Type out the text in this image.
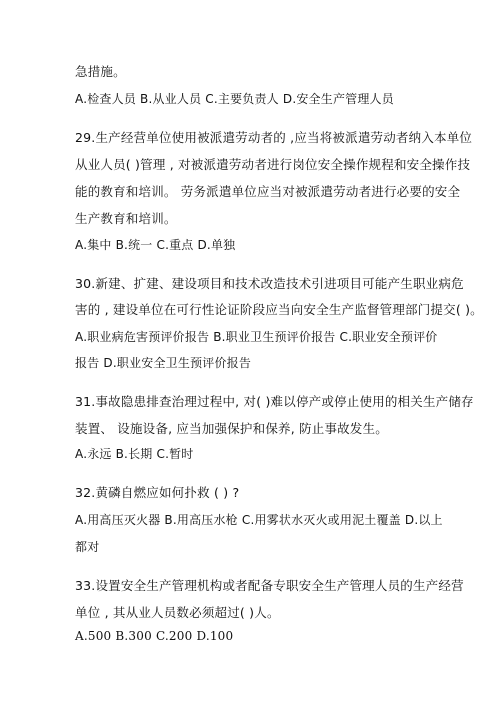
急措施。
A.检查人员 B.从业人员 C.主要负责人 D.安全生产管理人员
29.生产经营单位使用被派遣劳动者的 ,应当将被派遣劳动者纳入本单位
从业人员( )管理 , 对被派遣劳动者进行岗位安全操作规程和安全操作技
能的教育和培训。 劳务派遣单位应当对被派遣劳动者进行必要的安全
生产教育和培训。
A.集中 B.统一 C.重点 D.单独
30.新建、扩建、建设项目和技术改造技术引进项目可能产生职业病危
害的 , 建设单位在可行性论证阶段应当向安全生产监督管理部门提交( )。
A.职业病危害预评价报告 B.职业卫生预评价报告 C.职业安全预评价
报告 D.职业安全卫生预评价报告
31.事故隐患排查治理过程中, 对( )难以停产或停止使用的相关生产储存
装置、 设施设备, 应当加强保护和保养, 防止事故发生。
A.永远 B.长期 C.暂时
32.黄磷自燃应如何扑救 ( ) ?
A.用高压灭火器 B.用高压水枪 C.用雾状水灭火或用泥土覆盖 D.以上
都对
33.设置安全生产管理机构或者配备专职安全生产管理人员的生产经营
单位 , 其从业人员数必须超过( )人。
A.500 B.300 C.200 D.100
